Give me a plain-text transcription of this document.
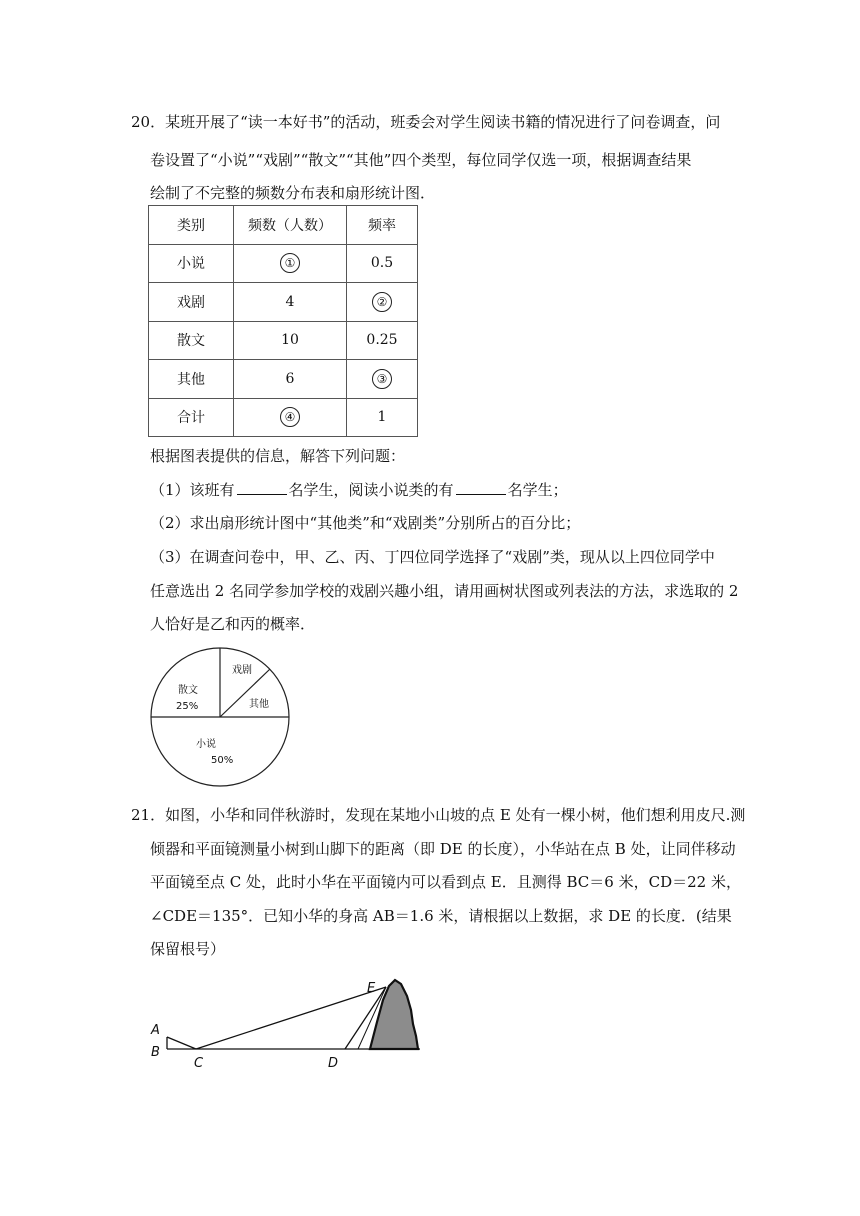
20．某班开展了“读一本好书”的活动，班委会对学生阅读书籍的情况进行了问卷调查，问
卷设置了“小说”“戏剧”“散文”“其他”四个类型，每位同学仅选一项，根据调查结果
绘制了不完整的频数分布表和扇形统计图．
类别	频数（人数）	频率
小说	①	0.5
戏剧	4	②
散文	10	0.25
其他	6	③
合计	④	1
根据图表提供的信息，解答下列问题：
（1）该班有	名学生，阅读小说类的有	名学生；
（2）求出扇形统计图中“其他类”和“戏剧类”分别所占的百分比；
（3）在调查问卷中，甲、乙、丙、丁四位同学选择了“戏剧”类，现从以上四位同学中
任意选出 2 名同学参加学校的戏剧兴趣小组，请用画树状图或列表法的方法，求选取的 2
人恰好是乙和丙的概率．
戏剧
其他
散文
25%
小说
50%
21．如图，小华和同伴秋游时，发现在某地小山坡的点 E 处有一棵小树，他们想利用皮尺.测
倾器和平面镜测量小树到山脚下的距离（即 DE 的长度），小华站在点 B 处，让同伴移动
平面镜至点 C 处，此时小华在平面镜内可以看到点 E．且测得 BC＝6 米，CD＝22 米，
∠CDE＝135°．已知小华的身高 AB＝1.6 米，请根据以上数据，求 DE 的长度．(结果
保留根号）
A
B
C	D
E
